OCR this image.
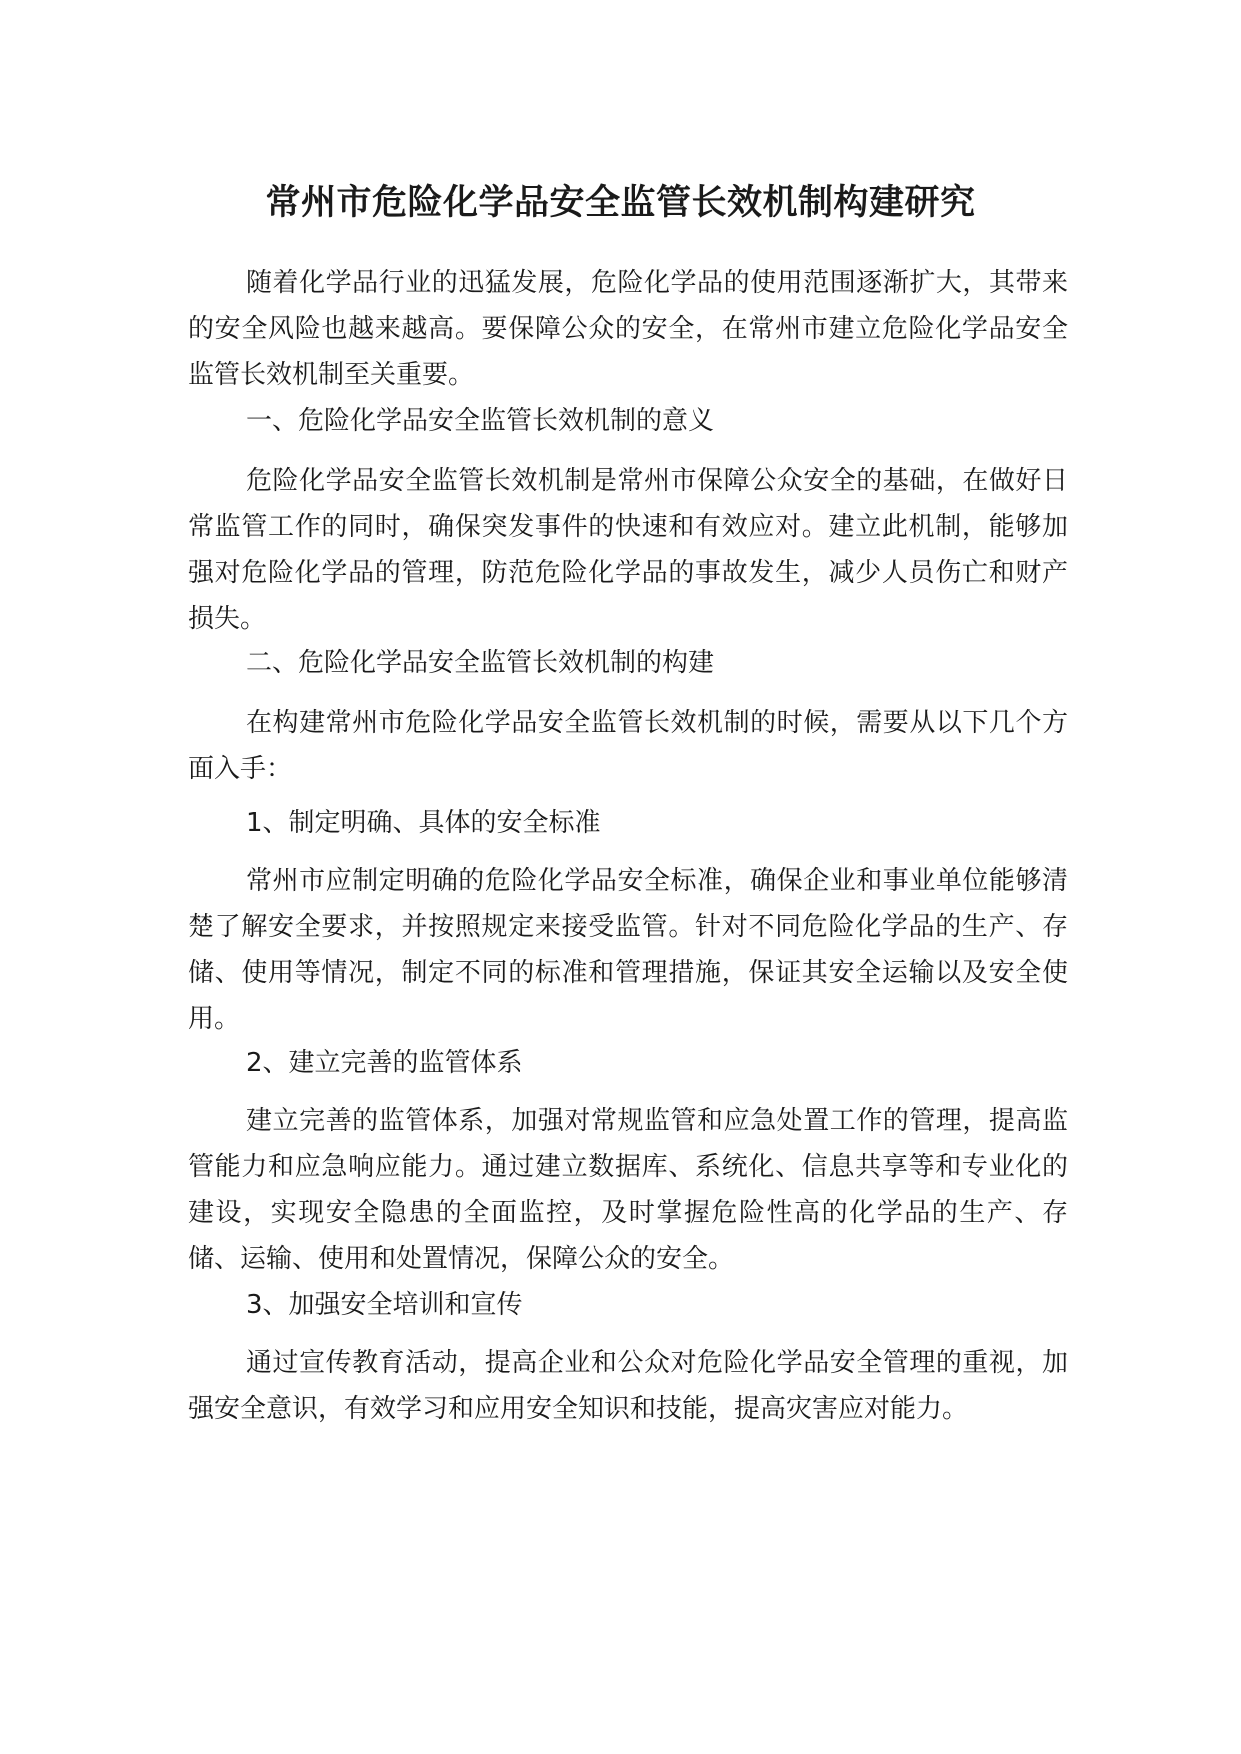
常州市危险化学品安全监管长效机制构建研究

随着化学品行业的迅猛发展，危险化学品的使用范围逐渐扩大，其带来的安全风险也越来越高。要保障公众的安全，在常州市建立危险化学品安全监管长效机制至关重要。

一、危险化学品安全监管长效机制的意义

危险化学品安全监管长效机制是常州市保障公众安全的基础，在做好日常监管工作的同时，确保突发事件的快速和有效应对。建立此机制，能够加强对危险化学品的管理，防范危险化学品的事故发生，减少人员伤亡和财产损失。

二、危险化学品安全监管长效机制的构建

在构建常州市危险化学品安全监管长效机制的时候，需要从以下几个方面入手：

1、制定明确、具体的安全标准

常州市应制定明确的危险化学品安全标准，确保企业和事业单位能够清楚了解安全要求，并按照规定来接受监管。针对不同危险化学品的生产、存储、使用等情况，制定不同的标准和管理措施，保证其安全运输以及安全使用。

2、建立完善的监管体系

建立完善的监管体系，加强对常规监管和应急处置工作的管理，提高监管能力和应急响应能力。通过建立数据库、系统化、信息共享等和专业化的建设，实现安全隐患的全面监控，及时掌握危险性高的化学品的生产、存储、运输、使用和处置情况，保障公众的安全。

3、加强安全培训和宣传

通过宣传教育活动，提高企业和公众对危险化学品安全管理的重视，加强安全意识，有效学习和应用安全知识和技能，提高灾害应对能力。
